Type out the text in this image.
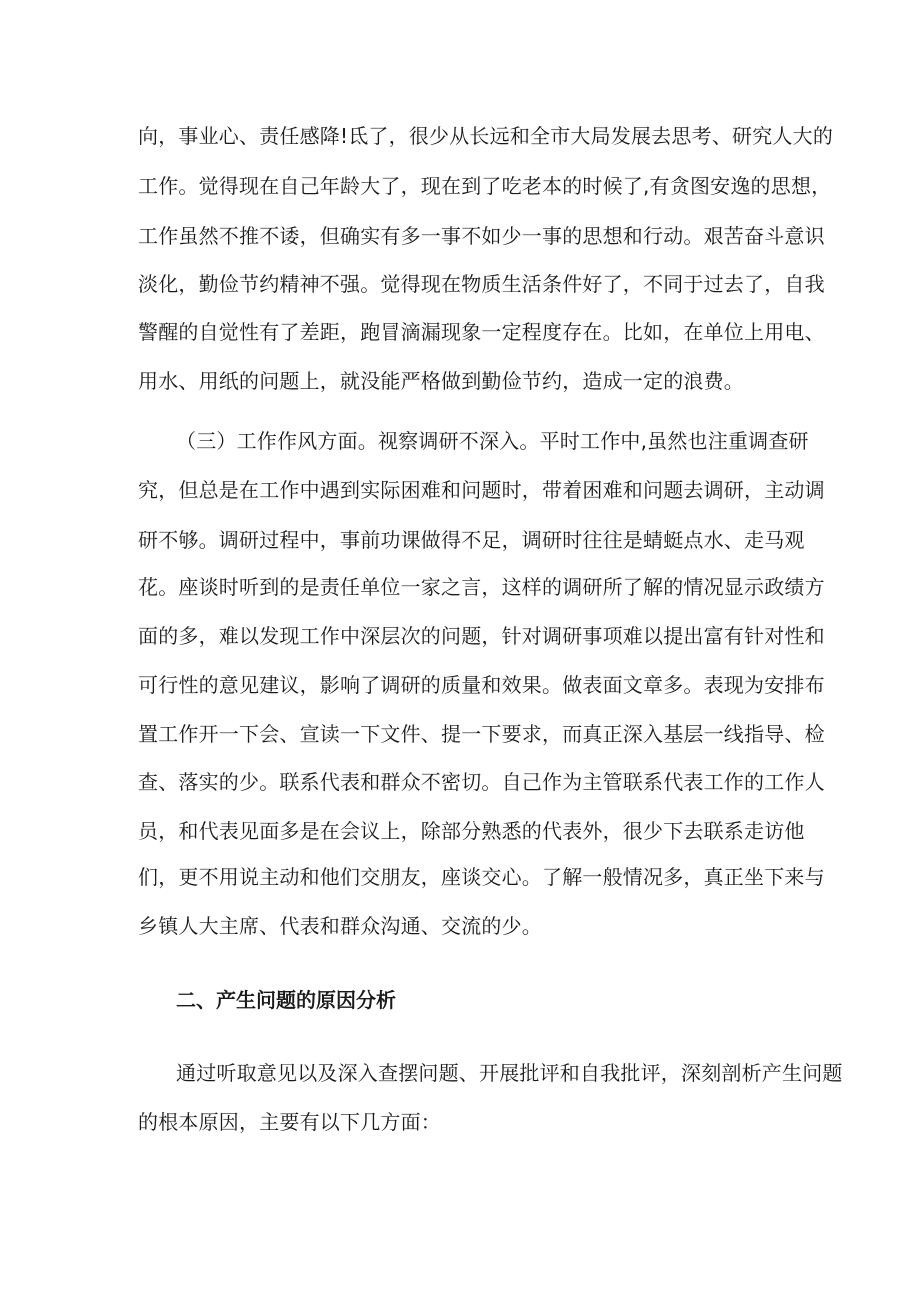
向，事业心、责任感降!氐了，很少从长远和全市大局发展去思考、研究人大的
工作。觉得现在自己年龄大了，现在到了吃老本的时候了,有贪图安逸的思想，
工作虽然不推不诿，但确实有多一事不如少一事的思想和行动。艰苦奋斗意识
淡化，勤俭节约精神不强。觉得现在物质生活条件好了，不同于过去了，自我
警醒的自觉性有了差距，跑冒滴漏现象一定程度存在。比如，在单位上用电、
用水、用纸的问题上，就没能严格做到勤俭节约，造成一定的浪费。
（三）工作作风方面。视察调研不深入。平时工作中,虽然也注重调查研
究，但总是在工作中遇到实际困难和问题时，带着困难和问题去调研，主动调
研不够。调研过程中，事前功课做得不足，调研时往往是蜻蜓点水、走马观
花。座谈时听到的是责任单位一家之言，这样的调研所了解的情况显示政绩方
面的多，难以发现工作中深层次的问题，针对调研事项难以提出富有针对性和
可行性的意见建议，影响了调研的质量和效果。做表面文章多。表现为安排布
置工作开一下会、宣读一下文件、提一下要求，而真正深入基层一线指导、检
查、落实的少。联系代表和群众不密切。自己作为主管联系代表工作的工作人
员，和代表见面多是在会议上，除部分熟悉的代表外，很少下去联系走访他
们，更不用说主动和他们交朋友，座谈交心。了解一般情况多，真正坐下来与
乡镇人大主席、代表和群众沟通、交流的少。
二、产生问题的原因分析
通过听取意见以及深入查摆问题、开展批评和自我批评，深刻剖析产生问题
的根本原因，主要有以下几方面：
